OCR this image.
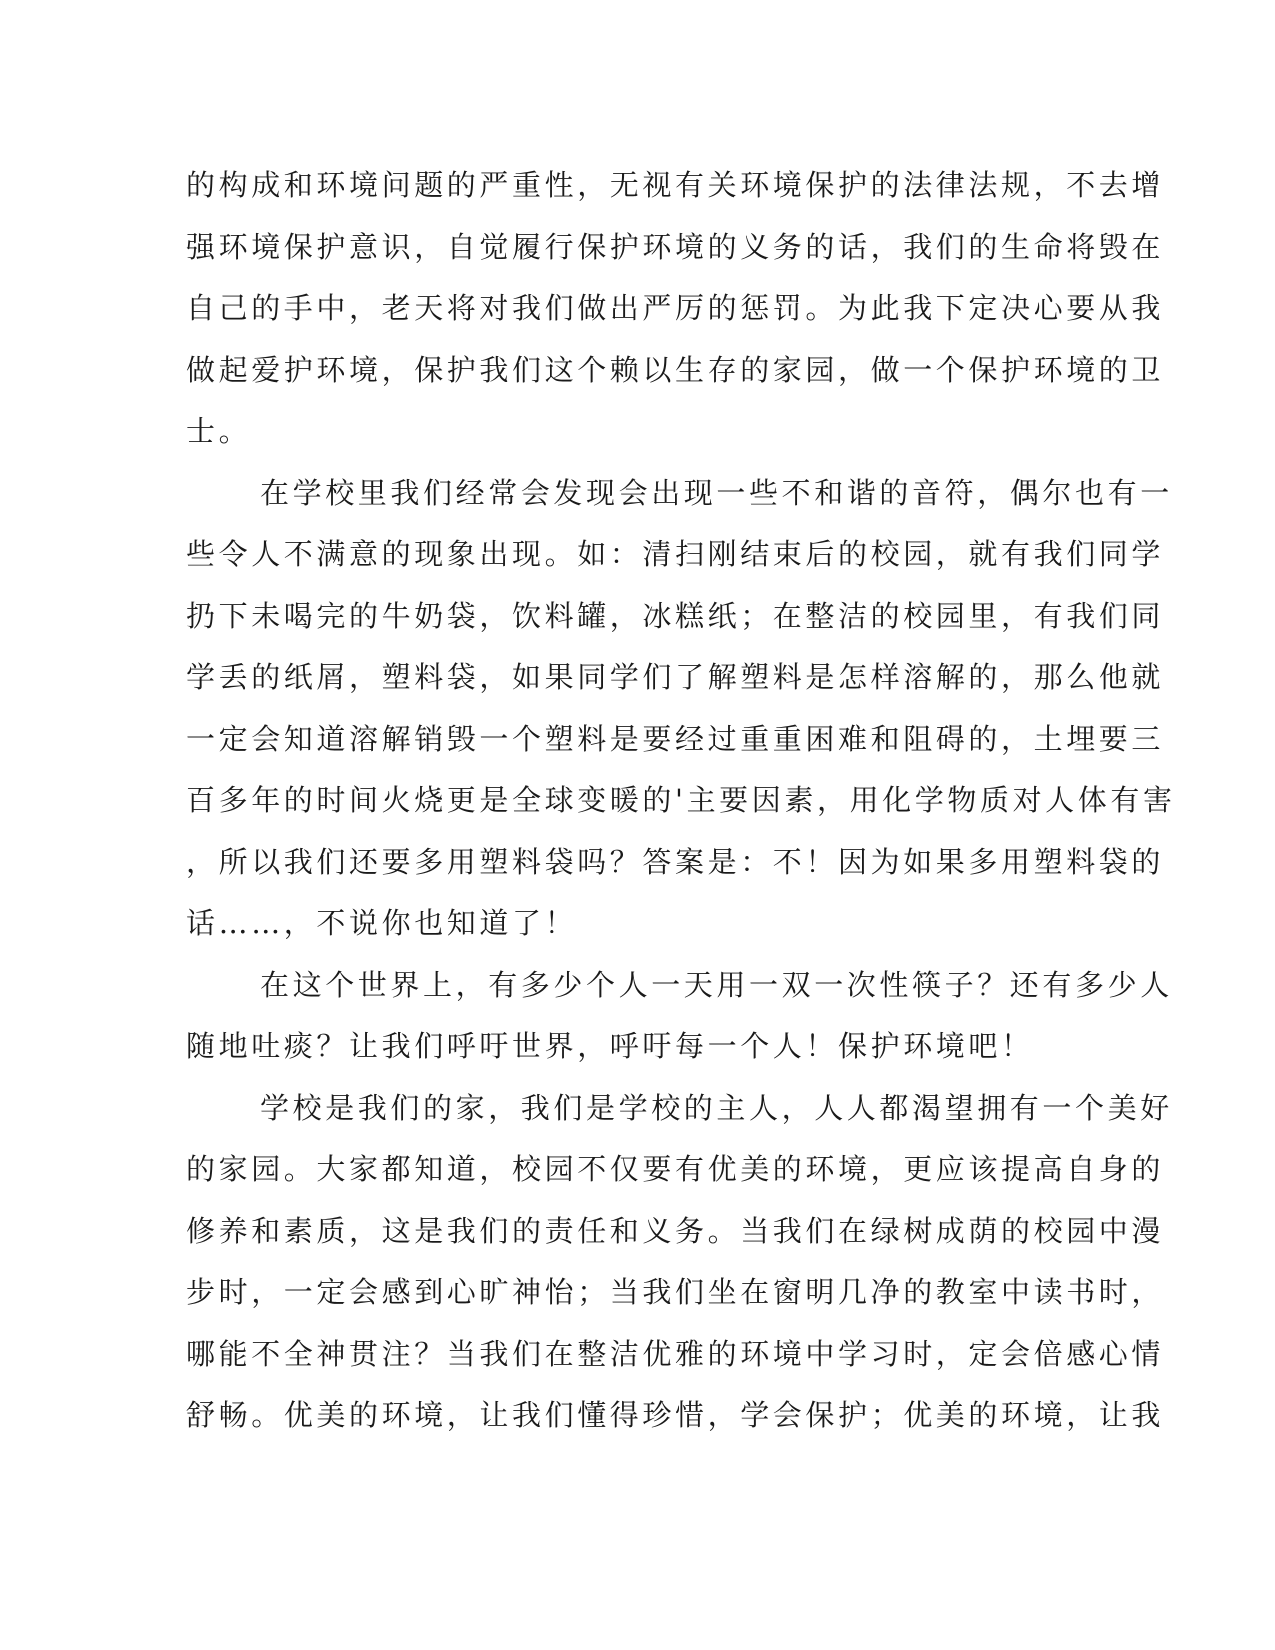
的构成和环境问题的严重性，无视有关环境保护的法律法规，不去增
强环境保护意识，自觉履行保护环境的义务的话，我们的生命将毁在
自己的手中，老天将对我们做出严厉的惩罚。为此我下定决心要从我
做起爱护环境，保护我们这个赖以生存的家园，做一个保护环境的卫
士。
在学校里我们经常会发现会出现一些不和谐的音符，偶尔也有一
些令人不满意的现象出现。如：清扫刚结束后的校园，就有我们同学
扔下未喝完的牛奶袋，饮料罐，冰糕纸；在整洁的校园里，有我们同
学丢的纸屑，塑料袋，如果同学们了解塑料是怎样溶解的，那么他就
一定会知道溶解销毁一个塑料是要经过重重困难和阻碍的，土埋要三
百多年的时间火烧更是全球变暖的'主要因素，用化学物质对人体有害
，所以我们还要多用塑料袋吗？答案是：不！因为如果多用塑料袋的
话……，不说你也知道了！
在这个世界上，有多少个人一天用一双一次性筷子？还有多少人
随地吐痰？让我们呼吁世界，呼吁每一个人！保护环境吧！
学校是我们的家，我们是学校的主人，人人都渴望拥有一个美好
的家园。大家都知道，校园不仅要有优美的环境，更应该提高自身的
修养和素质，这是我们的责任和义务。当我们在绿树成荫的校园中漫
步时，一定会感到心旷神怡；当我们坐在窗明几净的教室中读书时，
哪能不全神贯注？当我们在整洁优雅的环境中学习时，定会倍感心情
舒畅。优美的环境，让我们懂得珍惜，学会保护；优美的环境，让我
